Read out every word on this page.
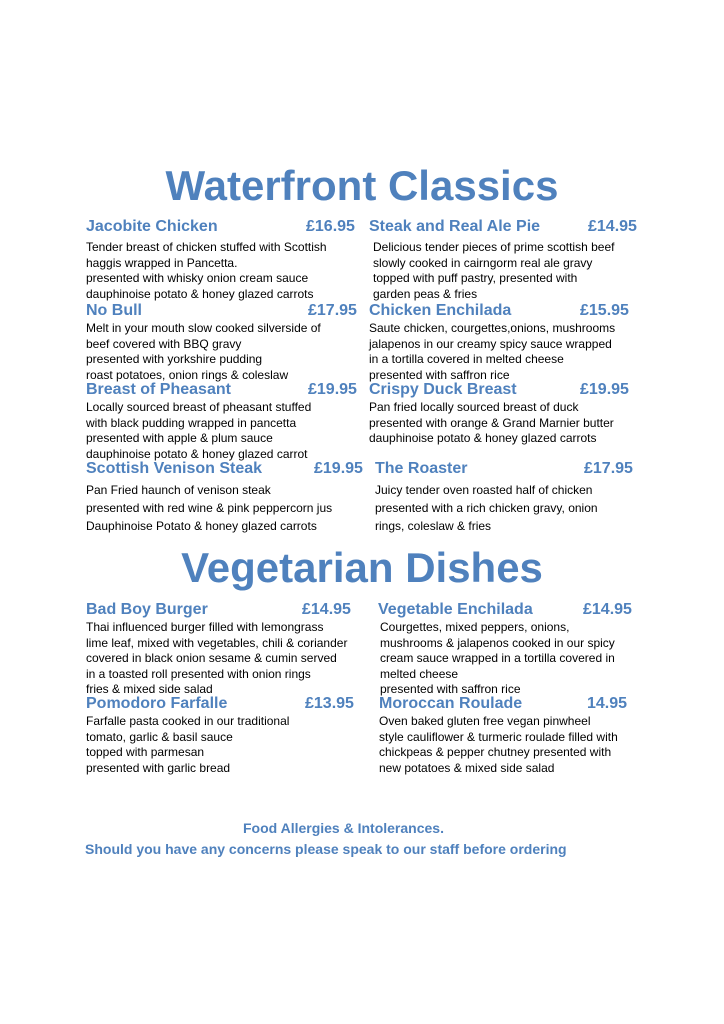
Waterfront Classics
Jacobite Chicken	£16.95
Tender breast of chicken stuffed with Scottish
haggis wrapped in Pancetta.
presented with whisky onion cream sauce
dauphinoise potato & honey glazed carrots
Steak and Real Ale Pie	£14.95
Delicious tender pieces of prime scottish beef
slowly cooked in cairngorm real ale gravy
topped with puff pastry, presented with
garden peas & fries
No Bull	£17.95
Melt in your mouth slow cooked silverside of
beef covered with BBQ gravy
presented with yorkshire pudding
roast potatoes, onion rings & coleslaw
Chicken Enchilada	£15.95
Saute chicken, courgettes,onions, mushrooms
jalapenos in our creamy spicy sauce wrapped
in a tortilla covered in melted cheese
presented with saffron rice
Breast of Pheasant	£19.95
Locally sourced breast of pheasant stuffed
with black pudding wrapped in pancetta
presented with apple & plum sauce
dauphinoise potato & honey glazed carrot
Crispy Duck Breast	£19.95
Pan fried locally sourced breast of duck
presented with orange & Grand Marnier butter
dauphinoise potato & honey glazed carrots
Scottish Venison Steak	£19.95
Pan Fried haunch of venison steak
presented with red wine & pink peppercorn jus
Dauphinoise Potato & honey glazed carrots
The Roaster	£17.95
Juicy tender oven roasted half of chicken
presented with a rich chicken gravy, onion
rings, coleslaw & fries
Vegetarian Dishes
Bad Boy Burger	£14.95
Thai influenced burger filled with lemongrass
lime leaf, mixed with vegetables, chili & coriander
covered in black onion sesame & cumin served
in a toasted roll presented with onion rings
fries & mixed side salad
Vegetable Enchilada	£14.95
Courgettes, mixed peppers, onions,
mushrooms & jalapenos cooked in our spicy
cream sauce wrapped in a tortilla covered in
melted cheese
presented with saffron rice
Pomodoro Farfalle	£13.95
Farfalle pasta cooked in our traditional
tomato, garlic & basil sauce
topped with parmesan
presented with garlic bread
Moroccan Roulade	14.95
Oven baked gluten free vegan pinwheel
style cauliflower & turmeric roulade filled with
chickpeas & pepper chutney presented with
new potatoes & mixed side salad
Food Allergies & Intolerances.
Should you have any concerns please speak to our staff before ordering
